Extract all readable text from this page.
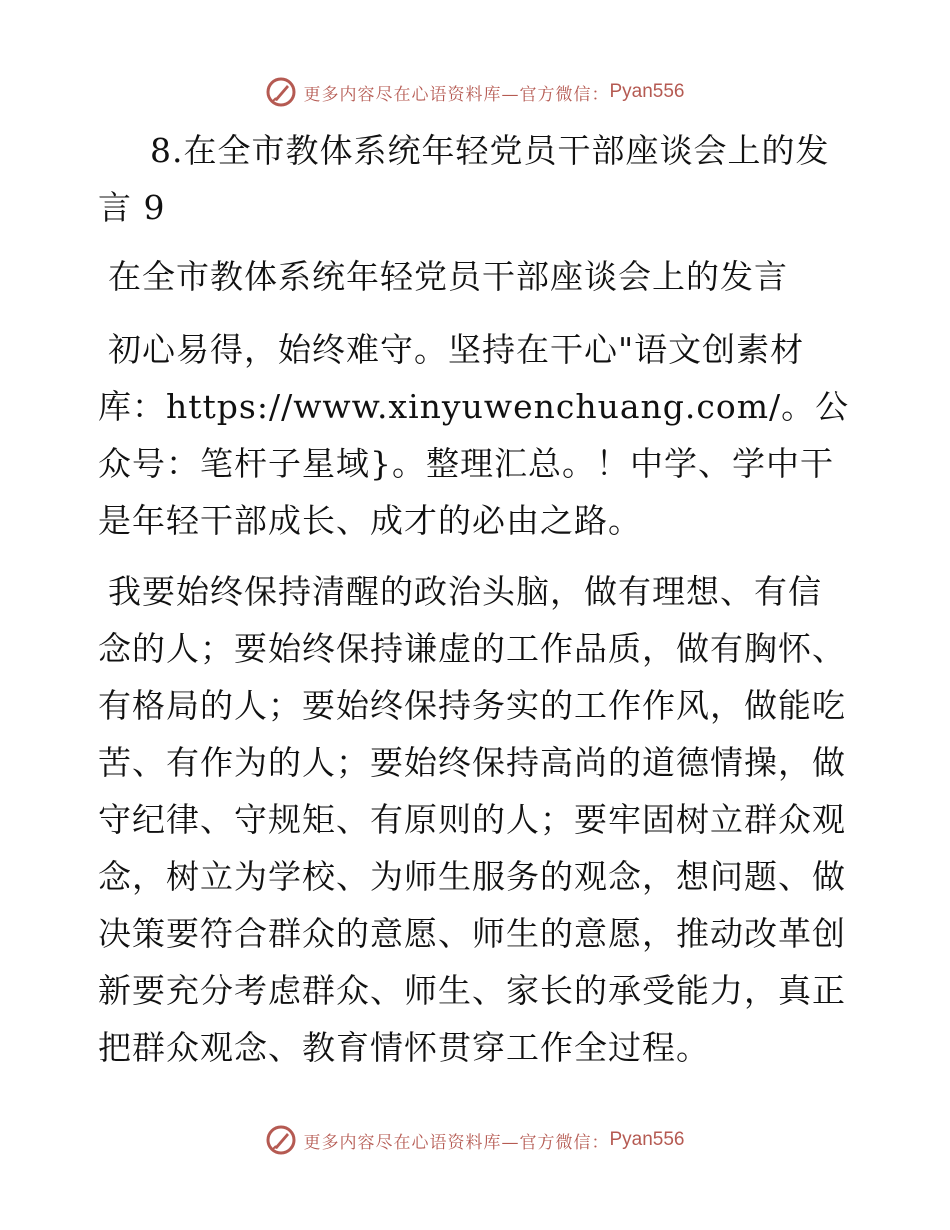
更多内容尽在心语资料库—官方微信： Pyan556

8.在全市教体系统年轻党员干部座谈会上的发言 9

在全市教体系统年轻党员干部座谈会上的发言

初心易得，始终难守。坚持在干心"语文创素材库：https://www.xinyuwenchuang.com/。公众号：笔杆子星域}。整理汇总。！中学、学中干是年轻干部成长、成才的必由之路。

我要始终保持清醒的政治头脑，做有理想、有信念的人；要始终保持谦虚的工作品质，做有胸怀、有格局的人；要始终保持务实的工作作风，做能吃苦、有作为的人；要始终保持高尚的道德情操，做守纪律、守规矩、有原则的人；要牢固树立群众观念，树立为学校、为师生服务的观念，想问题、做决策要符合群众的意愿、师生的意愿，推动改革创新要充分考虑群众、师生、家长的承受能力，真正把群众观念、教育情怀贯穿工作全过程。

更多内容尽在心语资料库—官方微信： Pyan556
